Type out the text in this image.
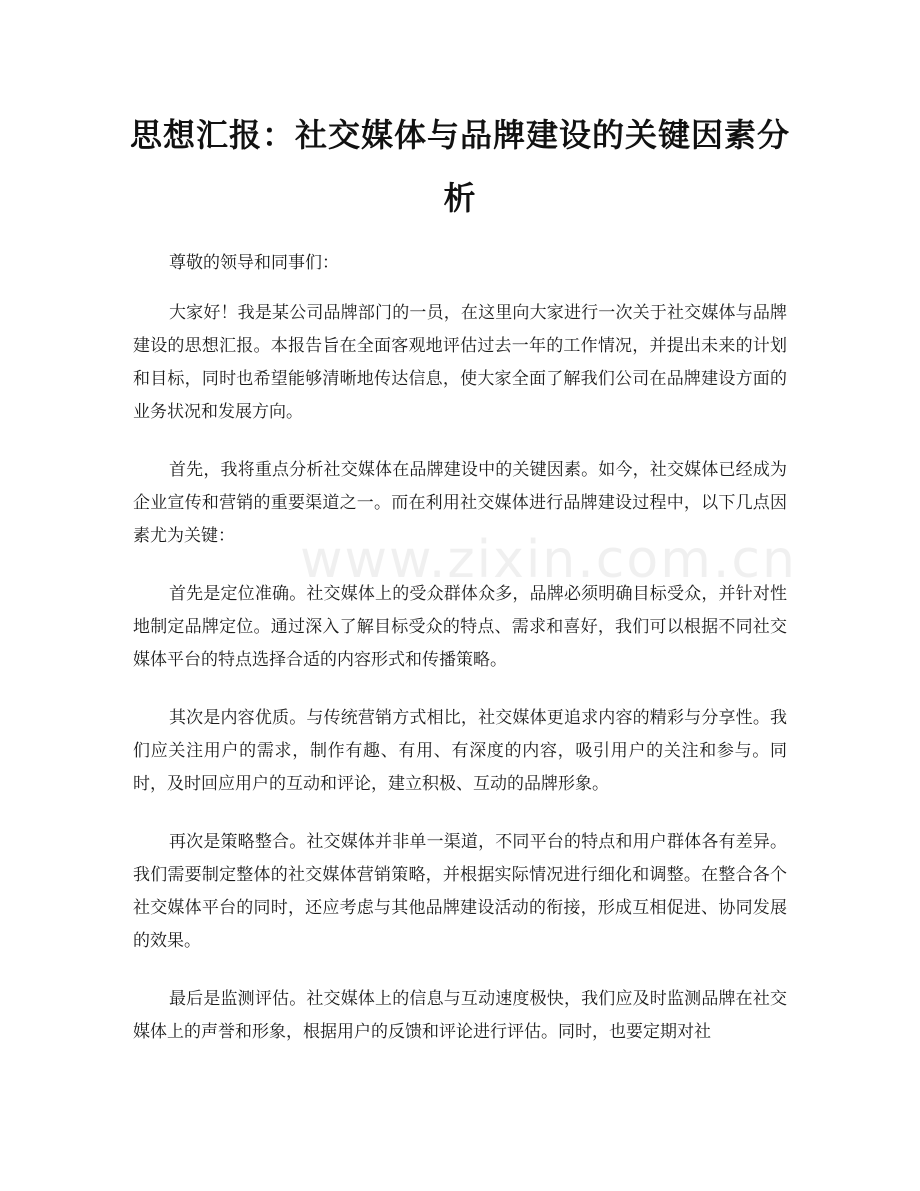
思想汇报：社交媒体与品牌建设的关键因素分析

尊敬的领导和同事们：

大家好！我是某公司品牌部门的一员，在这里向大家进行一次关于社交媒体与品牌建设的思想汇报。本报告旨在全面客观地评估过去一年的工作情况，并提出未来的计划和目标，同时也希望能够清晰地传达信息，使大家全面了解我们公司在品牌建设方面的业务状况和发展方向。

首先，我将重点分析社交媒体在品牌建设中的关键因素。如今，社交媒体已经成为企业宣传和营销的重要渠道之一。而在利用社交媒体进行品牌建设过程中，以下几点因素尤为关键：

首先是定位准确。社交媒体上的受众群体众多，品牌必须明确目标受众，并针对性地制定品牌定位。通过深入了解目标受众的特点、需求和喜好，我们可以根据不同社交媒体平台的特点选择合适的内容形式和传播策略。

其次是内容优质。与传统营销方式相比，社交媒体更追求内容的精彩与分享性。我们应关注用户的需求，制作有趣、有用、有深度的内容，吸引用户的关注和参与。同时，及时回应用户的互动和评论，建立积极、互动的品牌形象。

再次是策略整合。社交媒体并非单一渠道，不同平台的特点和用户群体各有差异。我们需要制定整体的社交媒体营销策略，并根据实际情况进行细化和调整。在整合各个社交媒体平台的同时，还应考虑与其他品牌建设活动的衔接，形成互相促进、协同发展的效果。

最后是监测评估。社交媒体上的信息与互动速度极快，我们应及时监测品牌在社交媒体上的声誉和形象，根据用户的反馈和评论进行评估。同时，也要定期对社

www.zixin.com.cn
